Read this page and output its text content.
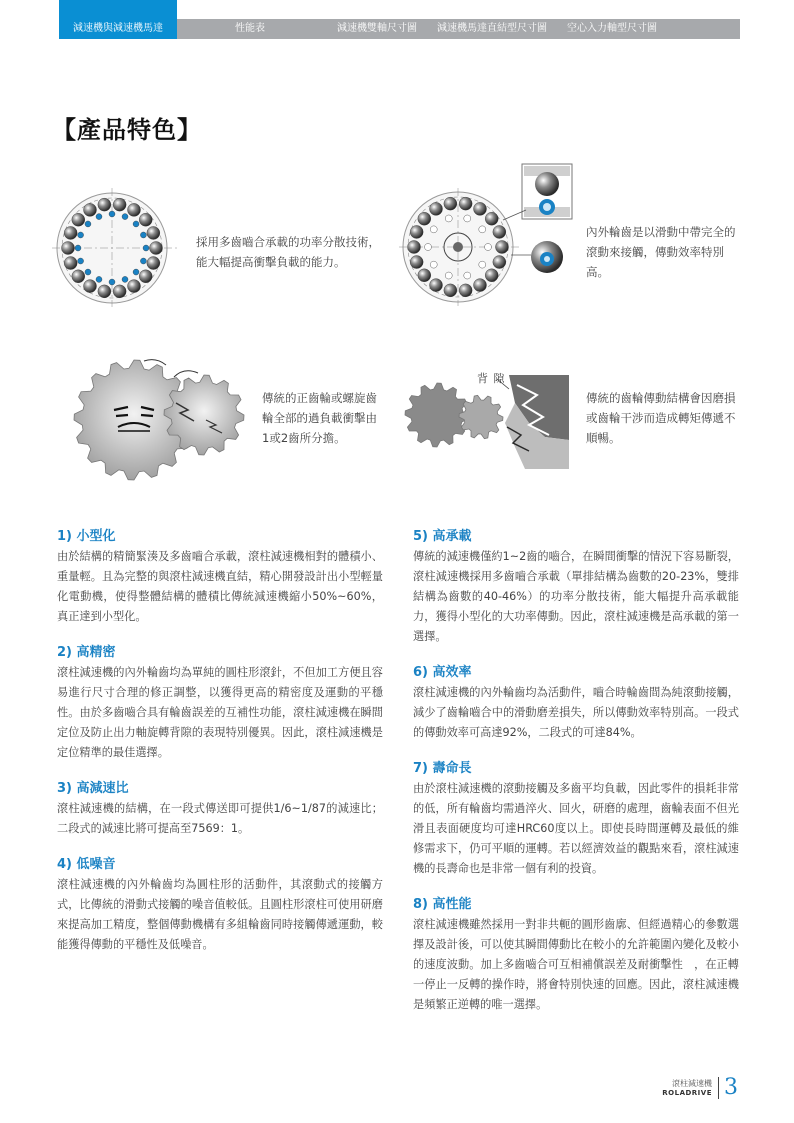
減速機與減速機馬達	性能表	減速機雙軸尺寸圖 減速機馬達直結型尺寸圖 空心入力軸型尺寸圖
【產品特色】
採用多齒嚙合承載的功率分散技術，能大幅提高衝擊負載的能力。
內外輪齒是以滑動中帶完全的滾動來接觸，傳動效率特別高。
傳統的正齒輪或螺旋齒輪全部的過負載衝擊由1或2齒所分擔。
背 隙
傳統的齒輪傳動結構會因磨損或齒輪干涉而造成轉矩傳遞不順暢。
1) 小型化

由於結構的精簡緊湊及多齒嚙合承載，滾柱減速機相對的體積小、重量輕。且為完整的與滾柱減速機直結，精心開發設計出小型輕量化電動機，使得整體結構的體積比傳統減速機縮小50%~60%，真正達到小型化。

2) 高精密

滾柱減速機的內外輪齒均為單純的圓柱形滾針，不但加工方便且容易進行尺寸合理的修正調整，以獲得更高的精密度及運動的平穩性。由於多齒嚙合具有輪齒誤差的互補性功能，滾柱減速機在瞬間定位及防止出力軸旋轉背隙的表現特別優異。因此，滾柱減速機是定位精準的最佳選擇。

3) 高減速比

滾柱減速機的結構，在一段式傳送即可提供1/6~1/87的減速比；二段式的減速比將可提高至7569：1。

4) 低噪音

滾柱減速機的內外輪齒均為圓柱形的活動件，其滾動式的接觸方式，比傳統的滑動式接觸的噪音值較低。且圓柱形滾柱可使用研磨來提高加工精度，整個傳動機構有多組輪齒同時接觸傳遞運動，較能獲得傳動的平穩性及低噪音。

5) 高承載

傳統的減速機僅約1~2齒的嚙合，在瞬間衝擊的情況下容易斷裂，滾柱減速機採用多齒嚙合承載（單排結構為齒數的20-23%，雙排結構為齒數的40-46%）的功率分散技術，能大幅提升高承載能力，獲得小型化的大功率傳動。因此，滾柱減速機是高承載的第一選擇。

6) 高效率

滾柱減速機的內外輪齒均為活動件，嚙合時輪齒間為純滾動接觸，減少了齒輪嚙合中的滑動磨差損失，所以傳動效率特別高。一段式的傳動效率可高達92%，二段式的可達84%。

7) 壽命長

由於滾柱減速機的滾動接觸及多齒平均負載，因此零件的損耗非常的低，所有輪齒均需過淬火、回火，研磨的處理，齒輪表面不但光滑且表面硬度均可達HRC60度以上。即使長時間運轉及最低的維修需求下，仍可平順的運轉。若以經濟效益的觀點來看，滾柱減速機的長壽命也是非常一個有利的投資。

8) 高性能

滾柱減速機雖然採用一對非共軛的圓形齒廓、但經過精心的參數選擇及設計後，可以使其瞬間傳動比在較小的允許範圍內變化及較小的速度波動。加上多齒嚙合可互相補償誤差及耐衝擊性　，在正轉一停止一反轉的操作時，將會特別快速的回應。因此，滾柱減速機是頻繁正逆轉的唯一選擇。

滾柱減速機
ROLADRIVE 3
